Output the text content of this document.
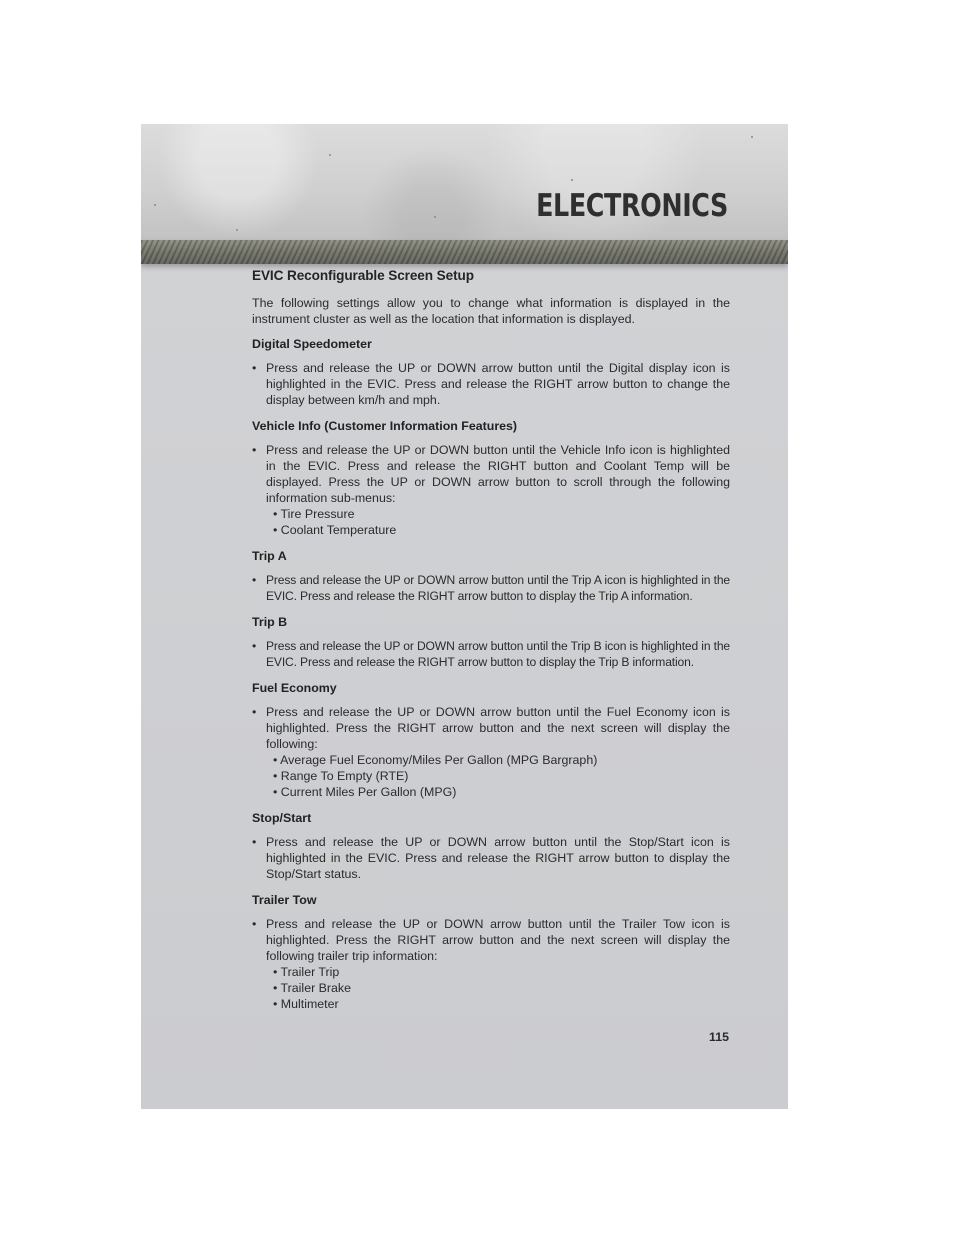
ELECTRONICS
EVIC Reconfigurable Screen Setup
The following settings allow you to change what information is displayed in the instrument cluster as well as the location that information is displayed.
Digital Speedometer
• Press and release the UP or DOWN arrow button until the Digital display icon is highlighted in the EVIC. Press and release the RIGHT arrow button to change the display between km/h and mph.
Vehicle Info (Customer Information Features)
• Press and release the UP or DOWN button until the Vehicle Info icon is highlighted in the EVIC. Press and release the RIGHT button and Coolant Temp will be displayed. Press the UP or DOWN arrow button to scroll through the following information sub-menus:
• Tire Pressure
• Coolant Temperature
Trip A
• Press and release the UP or DOWN arrow button until the Trip A icon is highlighted in the EVIC. Press and release the RIGHT arrow button to display the Trip A information.
Trip B
• Press and release the UP or DOWN arrow button until the Trip B icon is highlighted in the EVIC. Press and release the RIGHT arrow button to display the Trip B information.
Fuel Economy
• Press and release the UP or DOWN arrow button until the Fuel Economy icon is highlighted. Press the RIGHT arrow button and the next screen will display the following:
• Average Fuel Economy/Miles Per Gallon (MPG Bargraph)
• Range To Empty (RTE)
• Current Miles Per Gallon (MPG)
Stop/Start
• Press and release the UP or DOWN arrow button until the Stop/Start icon is highlighted in the EVIC. Press and release the RIGHT arrow button to display the Stop/Start status.
Trailer Tow
• Press and release the UP or DOWN arrow button until the Trailer Tow icon is highlighted. Press the RIGHT arrow button and the next screen will display the following trailer trip information:
• Trailer Trip
• Trailer Brake
• Multimeter
115
